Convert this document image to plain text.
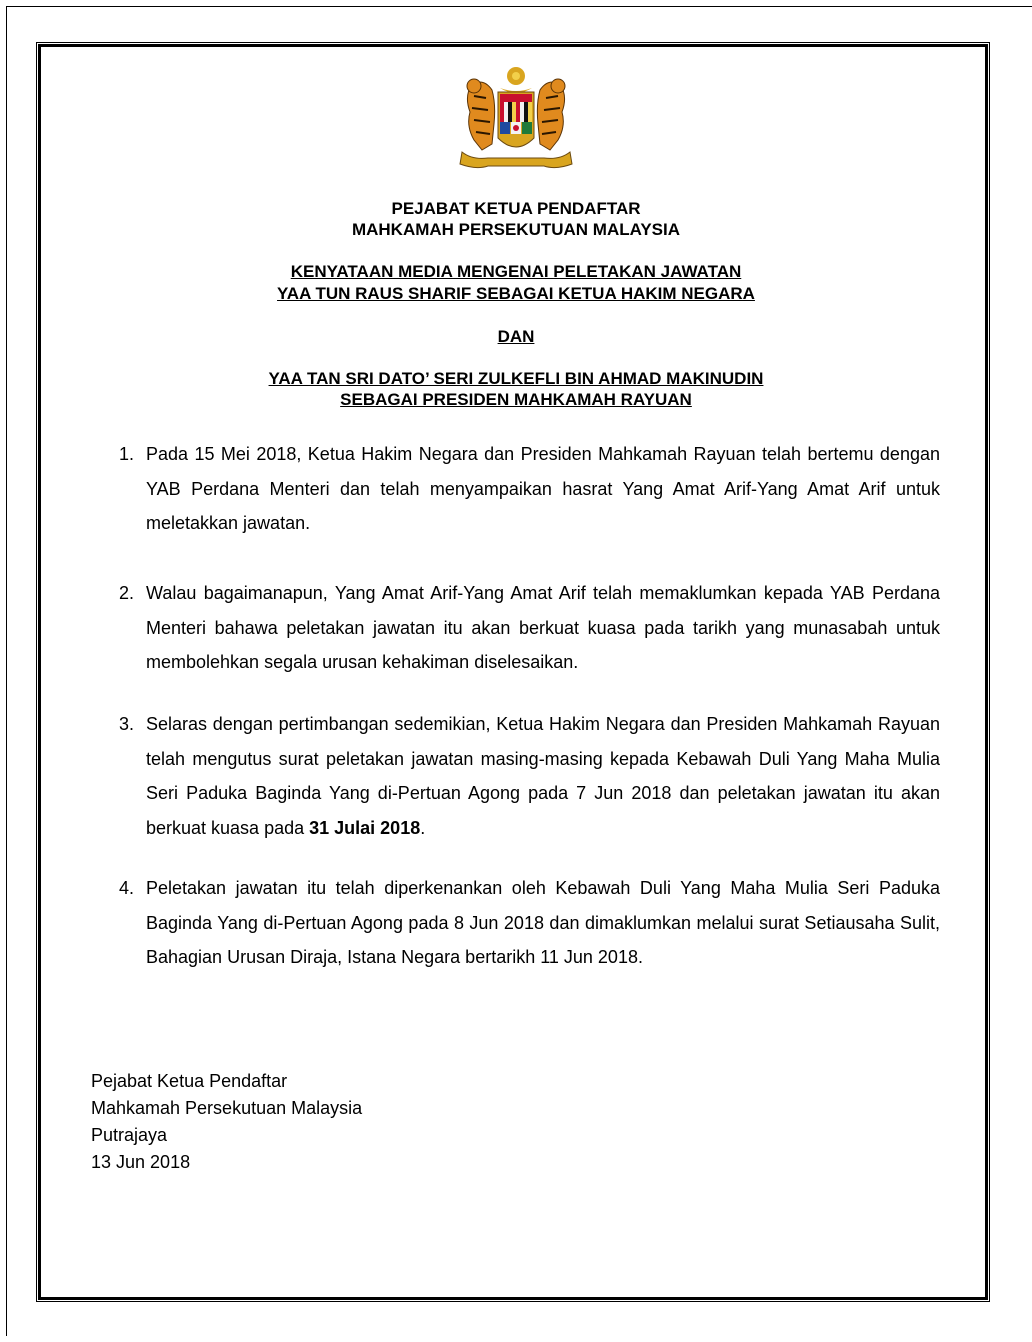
PEJABAT KETUA PENDAFTAR
MAHKAMAH PERSEKUTUAN MALAYSIA
KENYATAAN MEDIA MENGENAI PELETAKAN JAWATAN
YAA TUN RAUS SHARIF SEBAGAI KETUA HAKIM NEGARA
DAN
YAA TAN SRI DATO’ SERI ZULKEFLI BIN AHMAD MAKINUDIN
SEBAGAI PRESIDEN MAHKAMAH RAYUAN
1. Pada 15 Mei 2018, Ketua Hakim Negara dan Presiden Mahkamah Rayuan telah bertemu dengan YAB Perdana Menteri dan telah menyampaikan hasrat Yang Amat Arif-Yang Amat Arif untuk meletakkan jawatan.
2. Walau bagaimanapun, Yang Amat Arif-Yang Amat Arif telah memaklumkan kepada YAB Perdana Menteri bahawa peletakan jawatan itu akan berkuat kuasa pada tarikh yang munasabah untuk membolehkan segala urusan kehakiman diselesaikan.
3. Selaras dengan pertimbangan sedemikian, Ketua Hakim Negara dan Presiden Mahkamah Rayuan telah mengutus surat peletakan jawatan masing-masing kepada Kebawah Duli Yang Maha Mulia Seri Paduka Baginda Yang di-Pertuan Agong pada 7 Jun 2018 dan peletakan jawatan itu akan berkuat kuasa pada 31 Julai 2018.
4. Peletakan jawatan itu telah diperkenankan oleh Kebawah Duli Yang Maha Mulia Seri Paduka Baginda Yang di-Pertuan Agong pada 8 Jun 2018 dan dimaklumkan melalui surat Setiausaha Sulit, Bahagian Urusan Diraja, Istana Negara bertarikh 11 Jun 2018.
Pejabat Ketua Pendaftar
Mahkamah Persekutuan Malaysia
Putrajaya
13 Jun 2018
